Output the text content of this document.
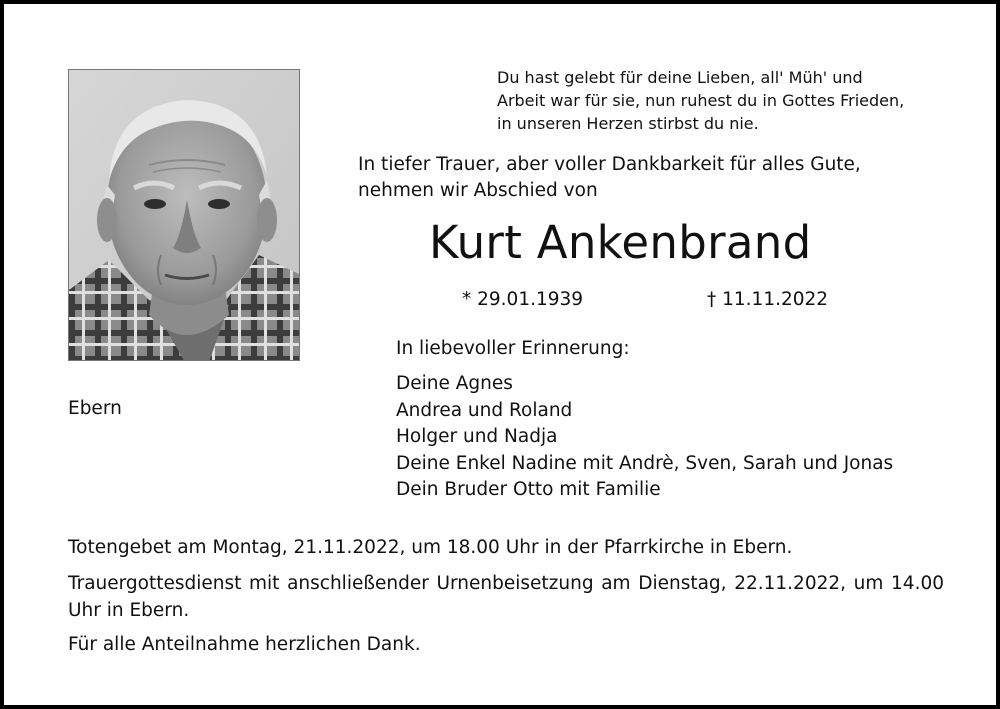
Du hast gelebt für deine Lieben, all' Müh' und
Arbeit war für sie, nun ruhest du in Gottes Frieden,
in unseren Herzen stirbst du nie.

In tiefer Trauer, aber voller Dankbarkeit für alles Gute,
nehmen wir Abschied von

Kurt Ankenbrand

* 29.01.1939	† 11.11.2022

In liebevoller Erinnerung:

Deine Agnes
Andrea und Roland
Holger und Nadja
Deine Enkel Nadine mit Andrè, Sven, Sarah und Jonas
Dein Bruder Otto mit Familie

Ebern

Totengebet am Montag, 21.11.2022, um 18.00 Uhr in der Pfarrkirche in Ebern.

Trauergottesdienst mit anschließender Urnenbeisetzung am Dienstag, 22.11.2022, um 14.00 Uhr in Ebern.

Für alle Anteilnahme herzlichen Dank.
